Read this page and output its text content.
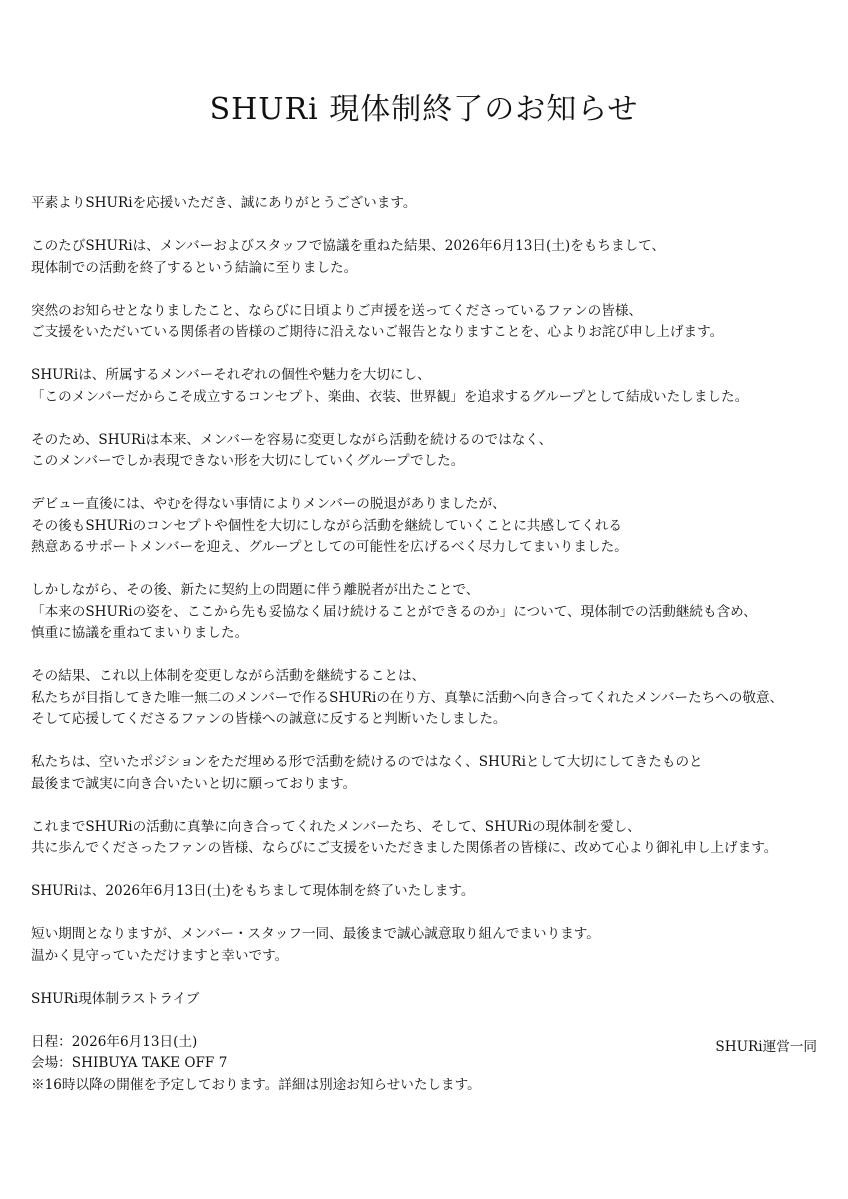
SHURi 現体制終了のお知らせ

平素よりSHURiを応援いただき、誠にありがとうございます。

このたびSHURiは、メンバーおよびスタッフで協議を重ねた結果、2026年6月13日(土)をもちまして、
現体制での活動を終了するという結論に至りました。

突然のお知らせとなりましたこと、ならびに日頃よりご声援を送ってくださっているファンの皆様、
ご支援をいただいている関係者の皆様のご期待に沿えないご報告となりますことを、心よりお詫び申し上げます。

SHURiは、所属するメンバーそれぞれの個性や魅力を大切にし、
「このメンバーだからこそ成立するコンセプト、楽曲、衣装、世界観」を追求するグループとして結成いたしました。

そのため、SHURiは本来、メンバーを容易に変更しながら活動を続けるのではなく、
このメンバーでしか表現できない形を大切にしていくグループでした。

デビュー直後には、やむを得ない事情によりメンバーの脱退がありましたが、
その後もSHURiのコンセプトや個性を大切にしながら活動を継続していくことに共感してくれる
熱意あるサポートメンバーを迎え、グループとしての可能性を広げるべく尽力してまいりました。

しかしながら、その後、新たに契約上の問題に伴う離脱者が出たことで、
「本来のSHURiの姿を、ここから先も妥協なく届け続けることができるのか」について、現体制での活動継続も含め、
慎重に協議を重ねてまいりました。

その結果、これ以上体制を変更しながら活動を継続することは、
私たちが目指してきた唯一無二のメンバーで作るSHURiの在り方、真摯に活動へ向き合ってくれたメンバーたちへの敬意、
そして応援してくださるファンの皆様への誠意に反すると判断いたしました。

私たちは、空いたポジションをただ埋める形で活動を続けるのではなく、SHURiとして大切にしてきたものと
最後まで誠実に向き合いたいと切に願っております。

これまでSHURiの活動に真摯に向き合ってくれたメンバーたち、そして、SHURiの現体制を愛し、
共に歩んでくださったファンの皆様、ならびにご支援をいただきました関係者の皆様に、改めて心より御礼申し上げます。

SHURiは、2026年6月13日(土)をもちまして現体制を終了いたします。

短い期間となりますが、メンバー・スタッフ一同、最後まで誠心誠意取り組んでまいります。
温かく見守っていただけますと幸いです。

SHURi現体制ラストライブ

日程：2026年6月13日(土)
会場：SHIBUYA TAKE OFF 7
※16時以降の開催を予定しております。詳細は別途お知らせいたします。

SHURi運営一同
